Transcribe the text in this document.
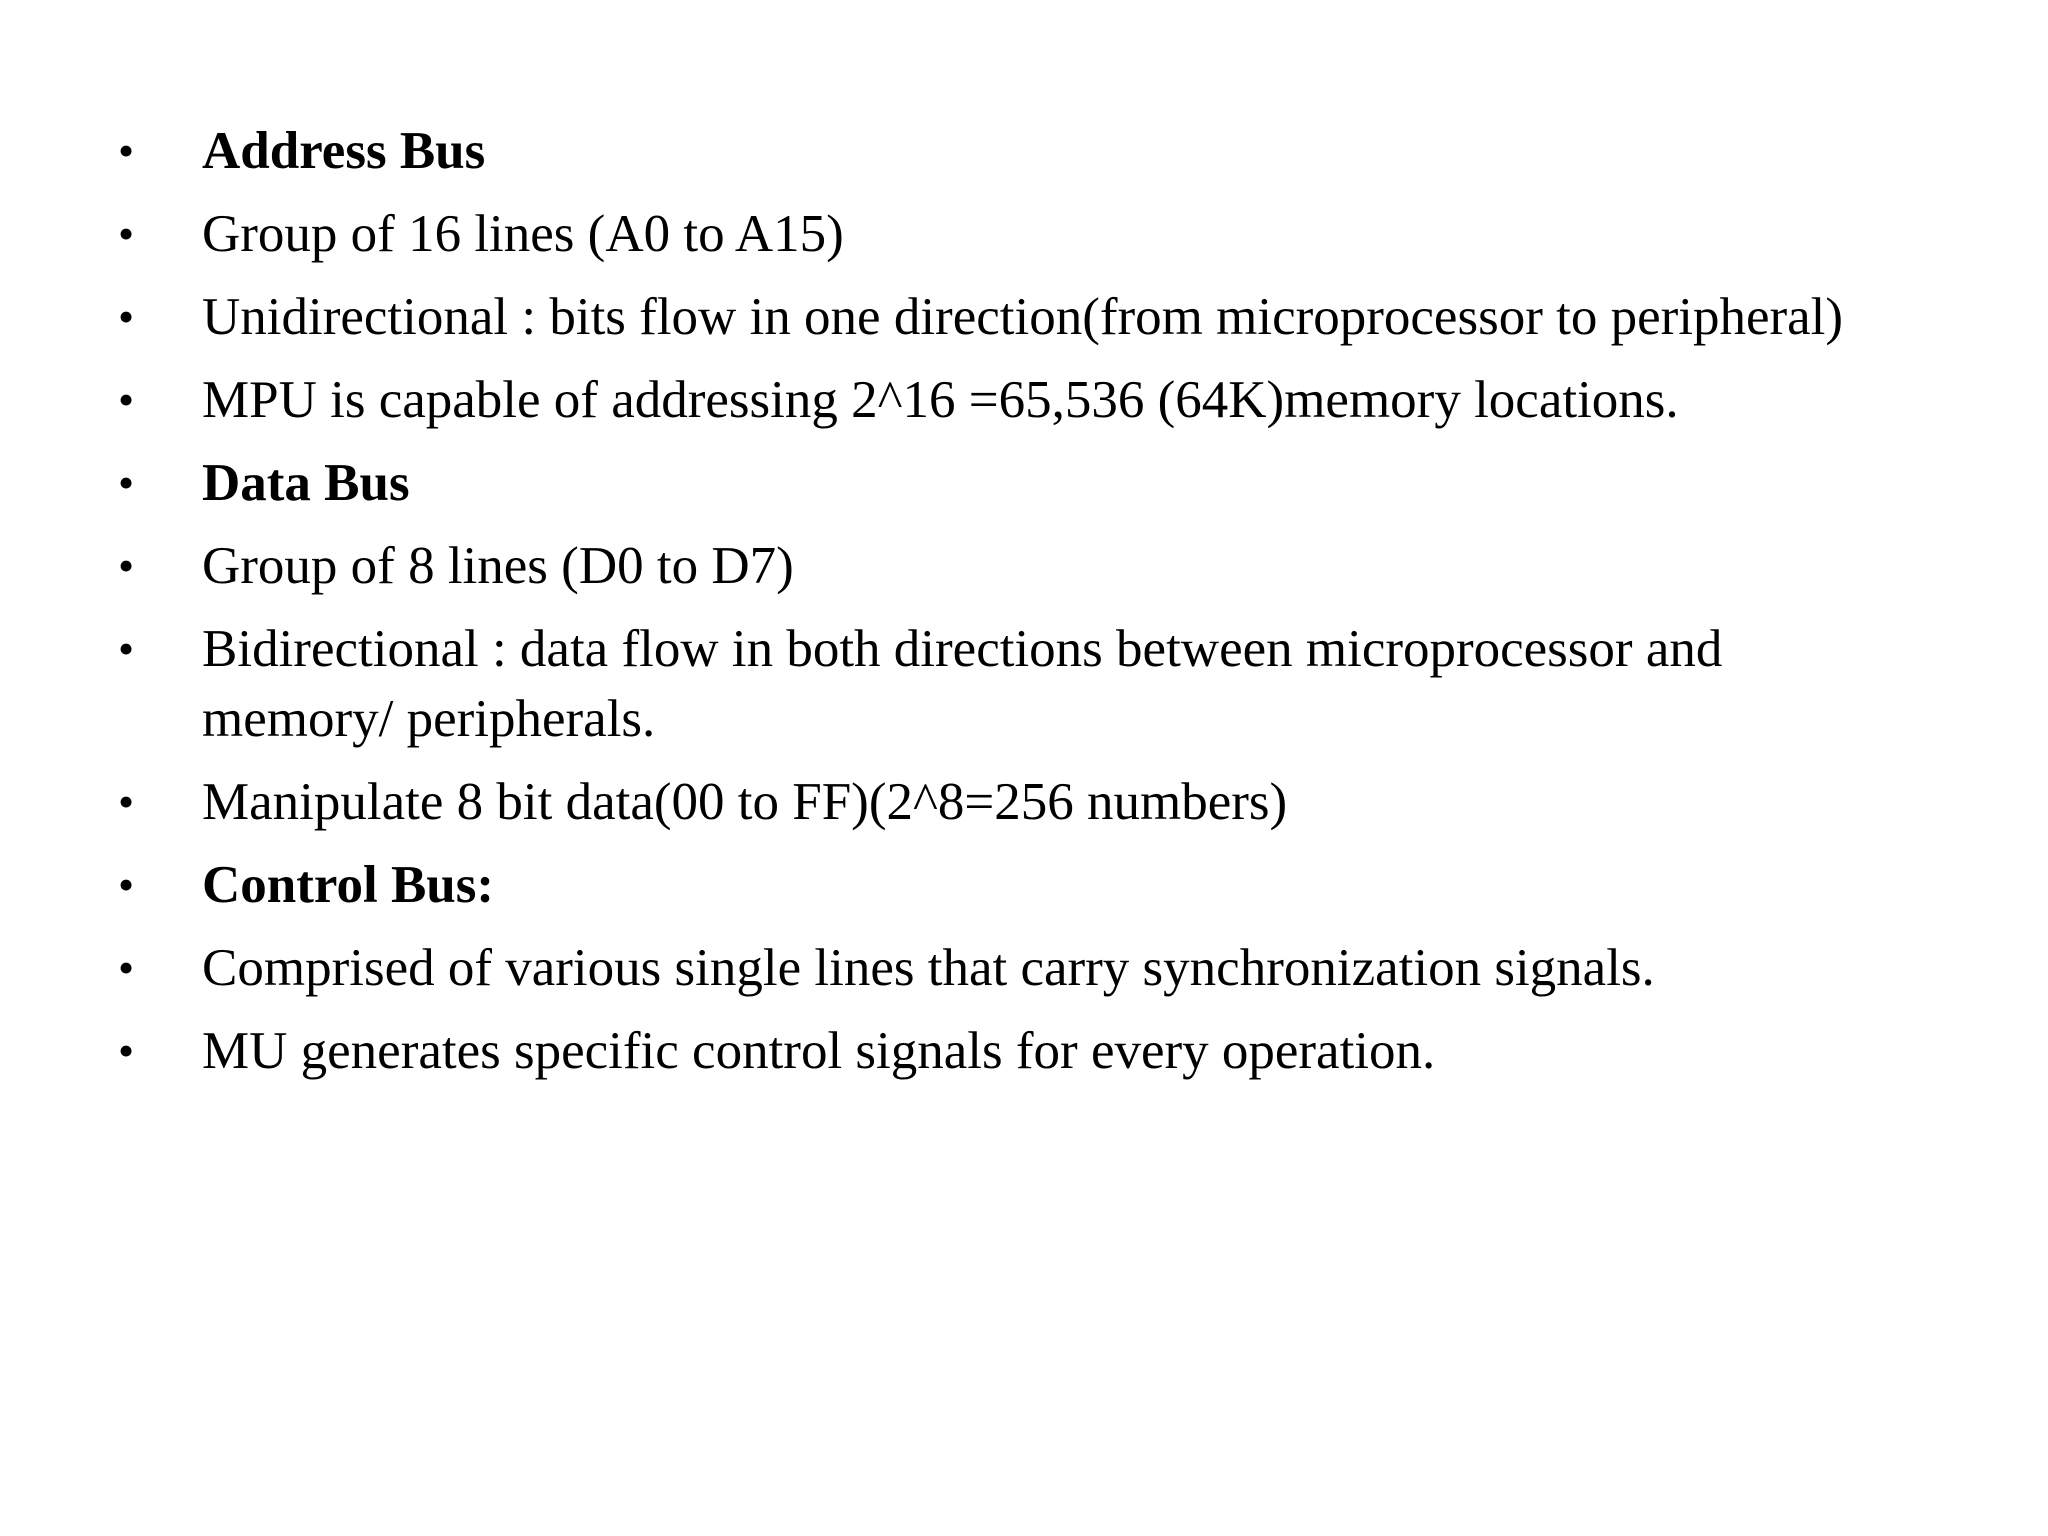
•	Address Bus
•	Group of 16 lines (A0 to A15)
•	Unidirectional : bits flow in one direction(from microprocessor to peripheral)
•	MPU is capable of addressing 2^16 =65,536 (64K)memory locations.
•	Data Bus
•	Group of 8 lines (D0 to D7)
•	Bidirectional : data flow in both directions between microprocessor and memory/ peripherals.
•	Manipulate 8 bit data(00 to FF)(2^8=256 numbers)
•	Control Bus:
•	Comprised of various single lines that carry synchronization signals.
•	MU generates specific control signals for every operation.
